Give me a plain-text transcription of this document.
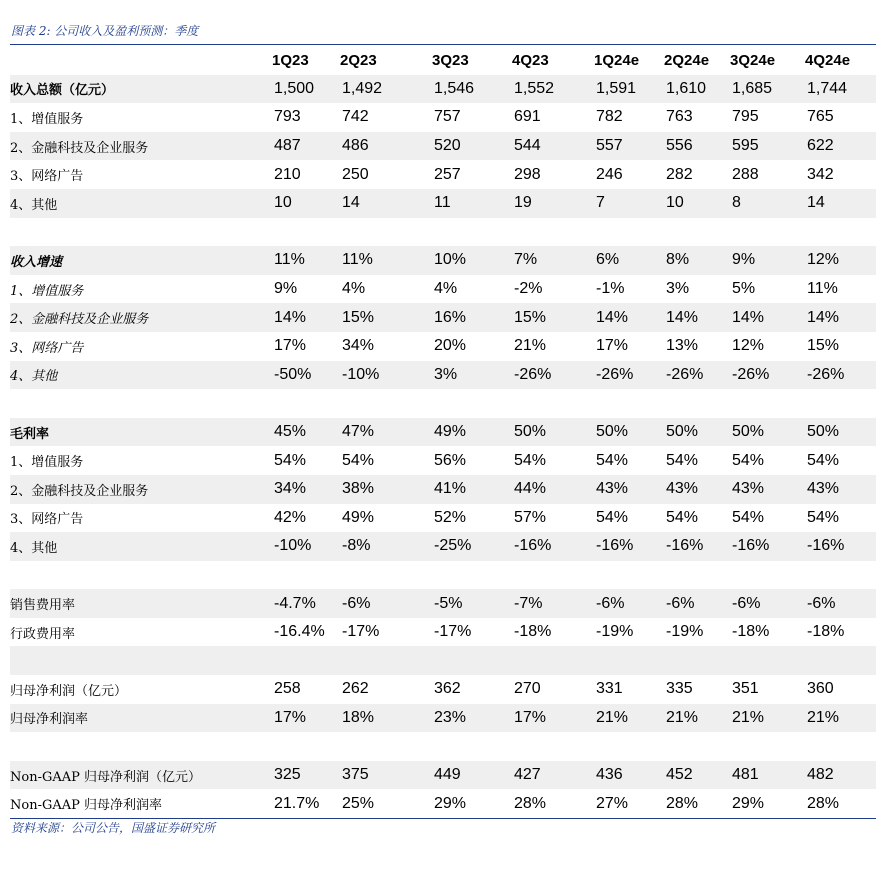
图表 2: 公司收入及盈利预测：季度
	1Q23	2Q23	3Q23	4Q23	1Q24e	2Q24e	3Q24e	4Q24e
收入总额（亿元）	1,500	1,492	1,546	1,552	1,591	1,610	1,685	1,744
1、增值服务	793	742	757	691	782	763	795	765
2、金融科技及企业服务	487	486	520	544	557	556	595	622
3、网络广告	210	250	257	298	246	282	288	342
4、其他	10	14	11	19	7	10	8	14

收入增速	11%	11%	10%	7%	6%	8%	9%	12%
1、增值服务	9%	4%	4%	-2%	-1%	3%	5%	11%
2、金融科技及企业服务	14%	15%	16%	15%	14%	14%	14%	14%
3、网络广告	17%	34%	20%	21%	17%	13%	12%	15%
4、其他	-50%	-10%	3%	-26%	-26%	-26%	-26%	-26%

毛利率	45%	47%	49%	50%	50%	50%	50%	50%
1、增值服务	54%	54%	56%	54%	54%	54%	54%	54%
2、金融科技及企业服务	34%	38%	41%	44%	43%	43%	43%	43%
3、网络广告	42%	49%	52%	57%	54%	54%	54%	54%
4、其他	-10%	-8%	-25%	-16%	-16%	-16%	-16%	-16%

销售费用率	-4.7%	-6%	-5%	-7%	-6%	-6%	-6%	-6%
行政费用率	-16.4%	-17%	-17%	-18%	-19%	-19%	-18%	-18%

归母净利润（亿元）	258	262	362	270	331	335	351	360
归母净利润率	17%	18%	23%	17%	21%	21%	21%	21%

Non-GAAP 归母净利润（亿元）	325	375	449	427	436	452	481	482
Non-GAAP 归母净利润率	21.7%	25%	29%	28%	27%	28%	29%	28%
资料来源：公司公告，国盛证券研究所
